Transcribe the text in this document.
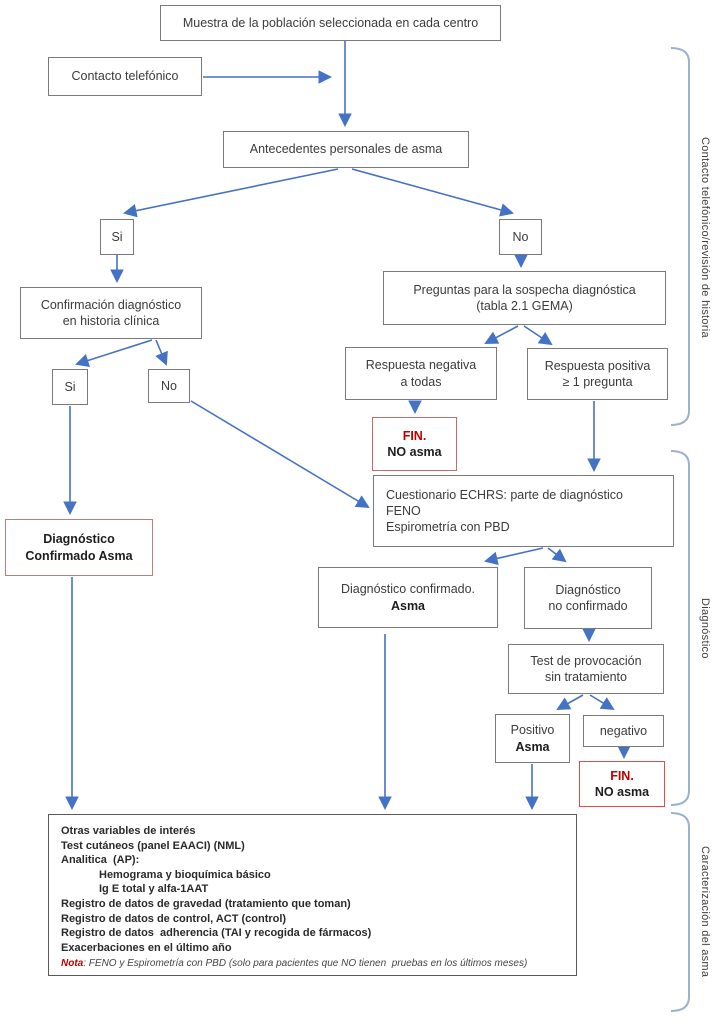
Muestra de la población seleccionada en cada centro
Contacto telefónico
Antecedentes personales de asma
Si	No
Confirmación diagnóstico
en historia clínica
Si	No
Preguntas para la sospecha diagnóstica
(tabla 2.1 GEMA)
Respuesta negativa
a todas
Respuesta positiva
≥ 1 pregunta
FIN.
NO asma
Cuestionario ECHRS: parte de diagnóstico
FENO
Espirometría con PBD
Diagnóstico
Confirmado Asma
Diagnóstico confirmado.
Asma
Diagnóstico
no confirmado
Test de provocación
sin tratamiento
Positivo
Asma
negativo
FIN.
NO asma
Otras variables de interés
Test cutáneos (panel EAACI) (NML)
Analitica  (AP):
Hemograma y bioquímica básico
Ig E total y alfa-1AAT
Registro de datos de gravedad (tratamiento que toman)
Registro de datos de control, ACT (control)
Registro de datos  adherencia (TAI y recogida de fármacos)
Exacerbaciones en el último año
Nota: FENO y Espirometría con PBD (solo para pacientes que NO tienen  pruebas en los últimos meses)
Contacto telefónico/revisión de historia
Diagnóstico
Caracterización del asma
